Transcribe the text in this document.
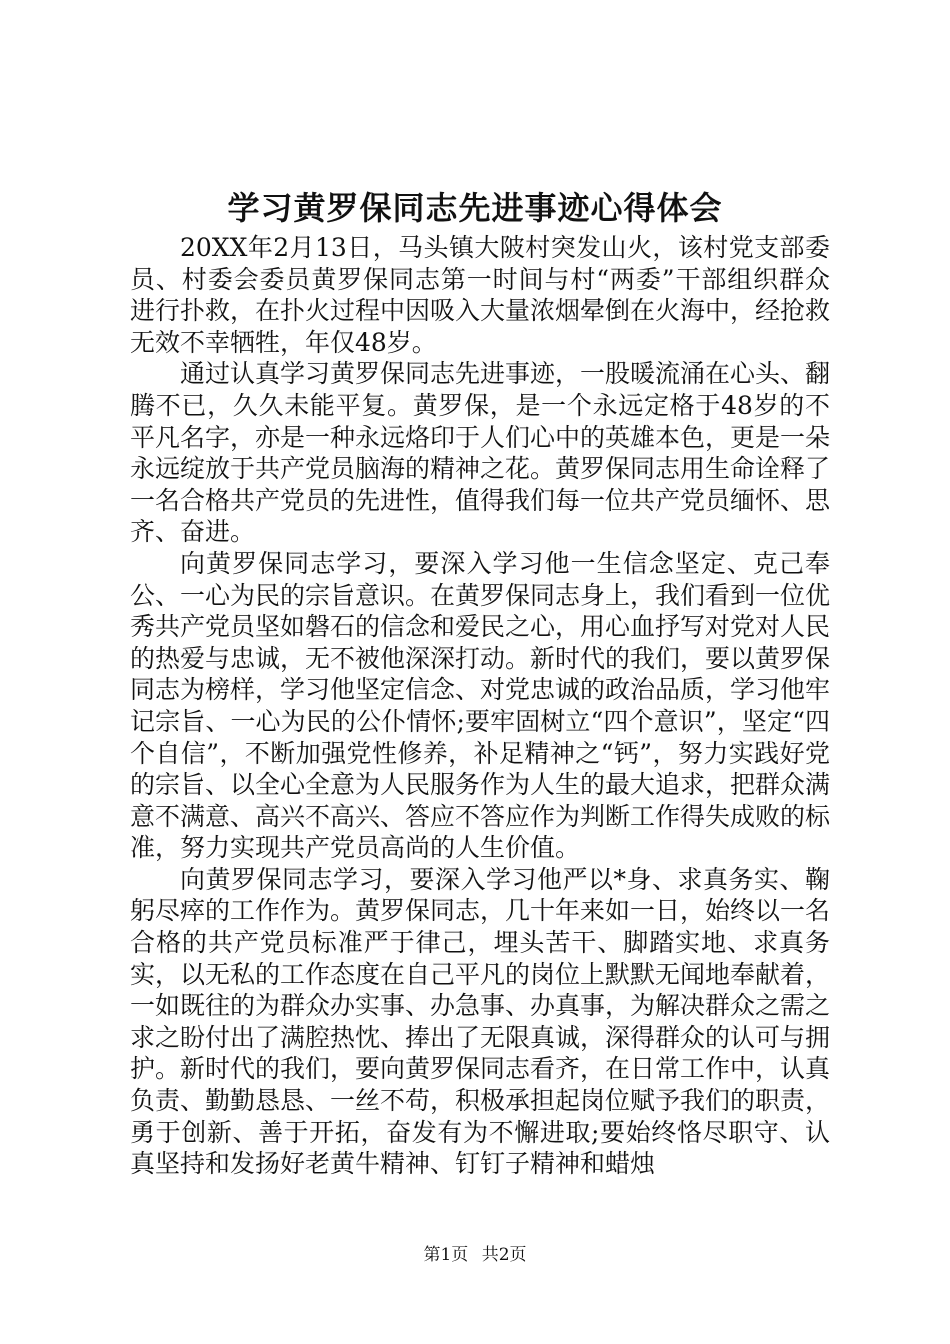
学习黄罗保同志先进事迹心得体会

20XX年2月13日，马头镇大陂村突发山火，该村党支部委员、村委会委员黄罗保同志第一时间与村“两委”干部组织群众进行扑救，在扑火过程中因吸入大量浓烟晕倒在火海中，经抢救无效不幸牺牲，年仅48岁。

通过认真学习黄罗保同志先进事迹，一股暖流涌在心头、翻腾不已，久久未能平复。黄罗保，是一个永远定格于48岁的不平凡名字，亦是一种永远烙印于人们心中的英雄本色，更是一朵永远绽放于共产党员脑海的精神之花。黄罗保同志用生命诠释了一名合格共产党员的先进性，值得我们每一位共产党员缅怀、思齐、奋进。

向黄罗保同志学习，要深入学习他一生信念坚定、克己奉公、一心为民的宗旨意识。在黄罗保同志身上，我们看到一位优秀共产党员坚如磐石的信念和爱民之心，用心血抒写对党对人民的热爱与忠诚，无不被他深深打动。新时代的我们，要以黄罗保同志为榜样，学习他坚定信念、对党忠诚的政治品质，学习他牢记宗旨、一心为民的公仆情怀;要牢固树立“四个意识”，坚定“四个自信”，不断加强党性修养，补足精神之“钙”，努力实践好党的宗旨、以全心全意为人民服务作为人生的最大追求，把群众满意不满意、高兴不高兴、答应不答应作为判断工作得失成败的标准，努力实现共产党员高尚的人生价值。

向黄罗保同志学习，要深入学习他严以*身、求真务实、鞠躬尽瘁的工作作为。黄罗保同志，几十年来如一日，始终以一名合格的共产党员标准严于律己，埋头苦干、脚踏实地、求真务实，以无私的工作态度在自己平凡的岗位上默默无闻地奉献着，一如既往的为群众办实事、办急事、办真事，为解决群众之需之求之盼付出了满腔热忱、捧出了无限真诚，深得群众的认可与拥护。新时代的我们，要向黄罗保同志看齐，在日常工作中，认真负责、勤勤恳恳、一丝不苟，积极承担起岗位赋予我们的职责，勇于创新、善于开拓，奋发有为不懈进取;要始终恪尽职守、认真坚持和发扬好老黄牛精神、钉钉子精神和蜡烛

第1页 共2页
